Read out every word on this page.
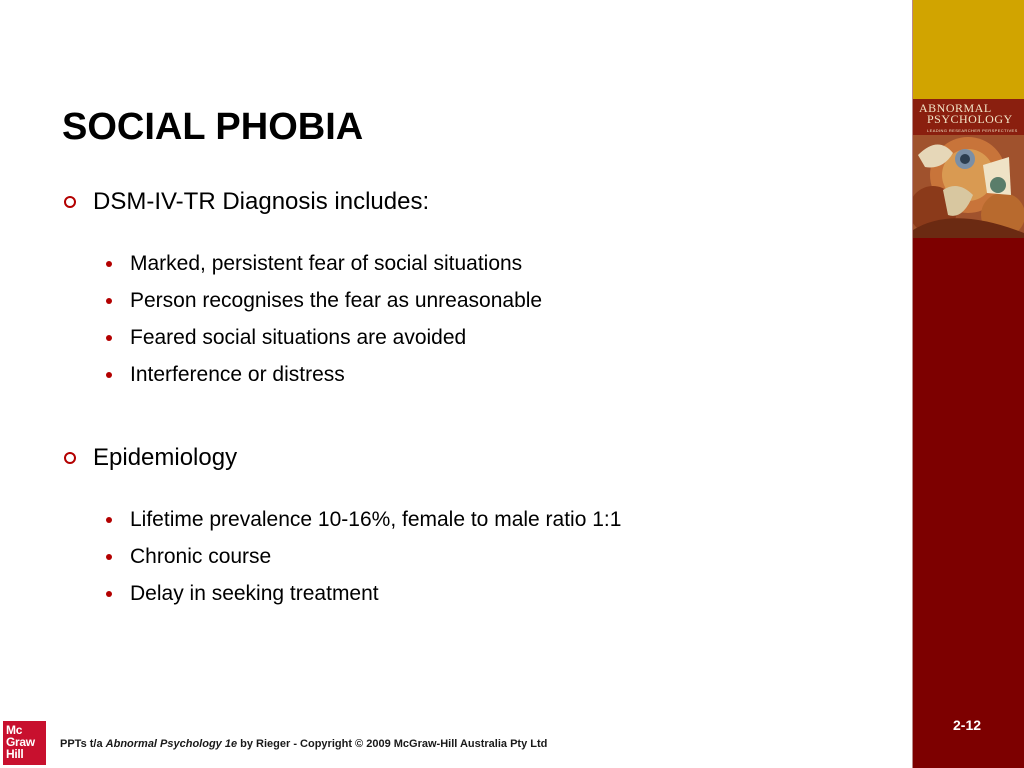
ABNORMAL
PSYCHOLOGY
LEADING RESEARCHER PERSPECTIVES
SOCIAL PHOBIA
DSM-IV-TR Diagnosis includes:
Marked, persistent fear of social situations
Person recognises the fear as unreasonable
Feared social situations are avoided
Interference or distress
Epidemiology
Lifetime prevalence 10-16%, female to male ratio 1:1
Chronic course
Delay in seeking treatment
Mc
Graw
Hill
PPTs t/a Abnormal Psychology 1e by Rieger - Copyright © 2009 McGraw-Hill Australia Pty Ltd
2-12
